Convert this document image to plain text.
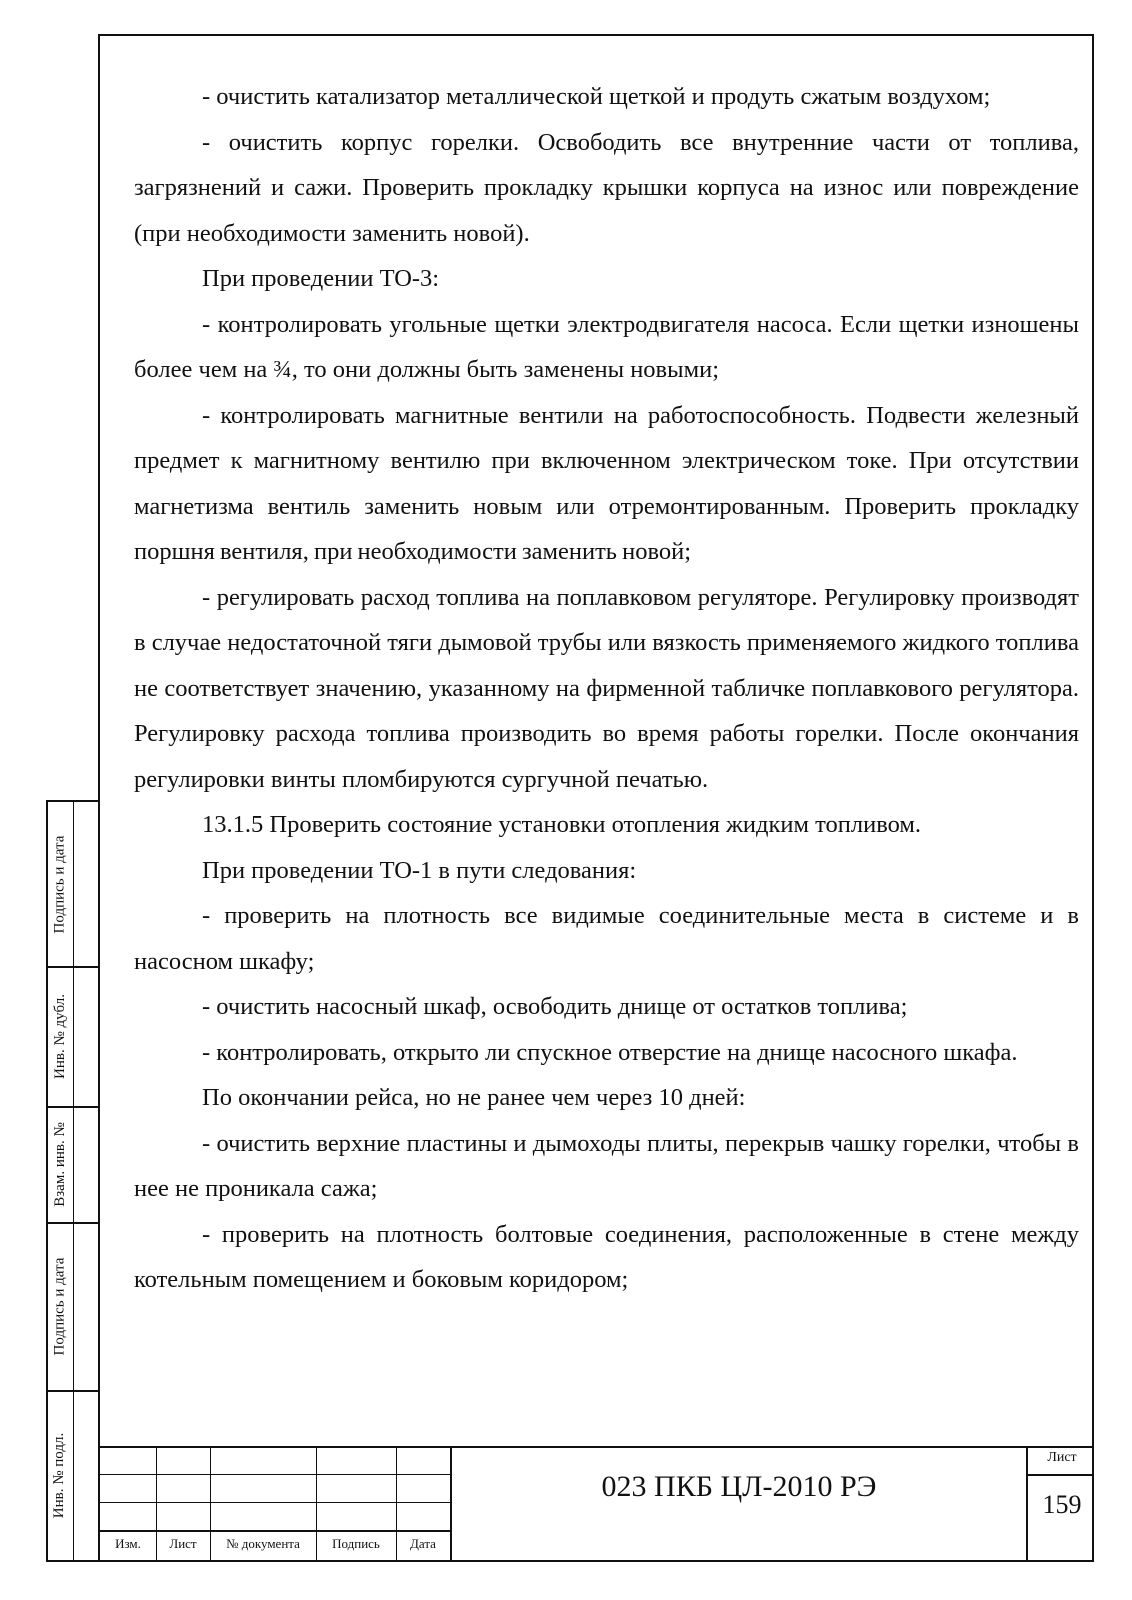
- очистить катализатор металлической щеткой и продуть сжатым воздухом;

- очистить корпус горелки. Освободить все внутренние части от топлива, загрязнений и сажи. Проверить прокладку крышки корпуса на износ или повреждение (при необходимости заменить новой).

При проведении ТО-3:

- контролировать угольные щетки электродвигателя насоса. Если щетки изношены более чем на ¾, то они должны быть заменены новыми;

- контролировать магнитные вентили на работоспособность. Подвести железный предмет к магнитному вентилю при включенном электрическом токе. При отсутствии магнетизма вентиль заменить новым или отремонтированным. Проверить прокладку поршня вентиля, при необходимости заменить новой;

- регулировать расход топлива на поплавковом регуляторе. Регулировку производят в случае недостаточной тяги дымовой трубы или вязкость применяемого жидкого топлива не соответствует значению, указанному на фирменной табличке поплавкового регулятора. Регулировку расхода топлива производить во время работы горелки. После окончания регулировки винты пломбируются сургучной печатью.

13.1.5 Проверить состояние установки отопления жидким топливом.

При проведении ТО-1 в пути следования:

- проверить на плотность все видимые соединительные места в системе и в насосном шкафу;

- очистить насосный шкаф, освободить днище от остатков топлива;

- контролировать, открыто ли спускное отверстие на днище насосного шкафа.

По окончании рейса, но не ранее чем через 10 дней:

- очистить верхние пластины и дымоходы плиты, перекрыв чашку горелки, чтобы в нее не проникала сажа;

- проверить на плотность болтовые соединения, расположенные в стене между котельным помещением и боковым коридором;

Подпись и дата
Инв. № дубл.
Взам. инв. №
Подпись и дата
Инв. № подл.
Изм.	Лист	№ документа	Подпись	Дата
023 ПКБ ЦЛ-2010 РЭ
Лист
159
